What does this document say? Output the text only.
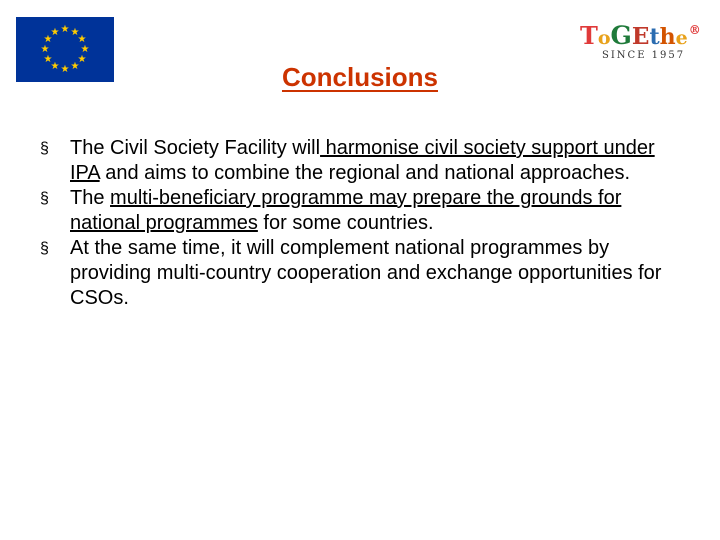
★ ★
★
★
★
★
★
★
★
★
★
★	T o G E t h e ®
SINCE 1957
Conclusions
§ The Civil Society Facility will harmonise civil society support under IPA and aims to combine the regional and national approaches.
§ The multi-beneficiary programme may prepare the grounds for national programmes for some countries.
§ At the same time, it will complement national programmes by providing multi-country cooperation and exchange opportunities for CSOs.
